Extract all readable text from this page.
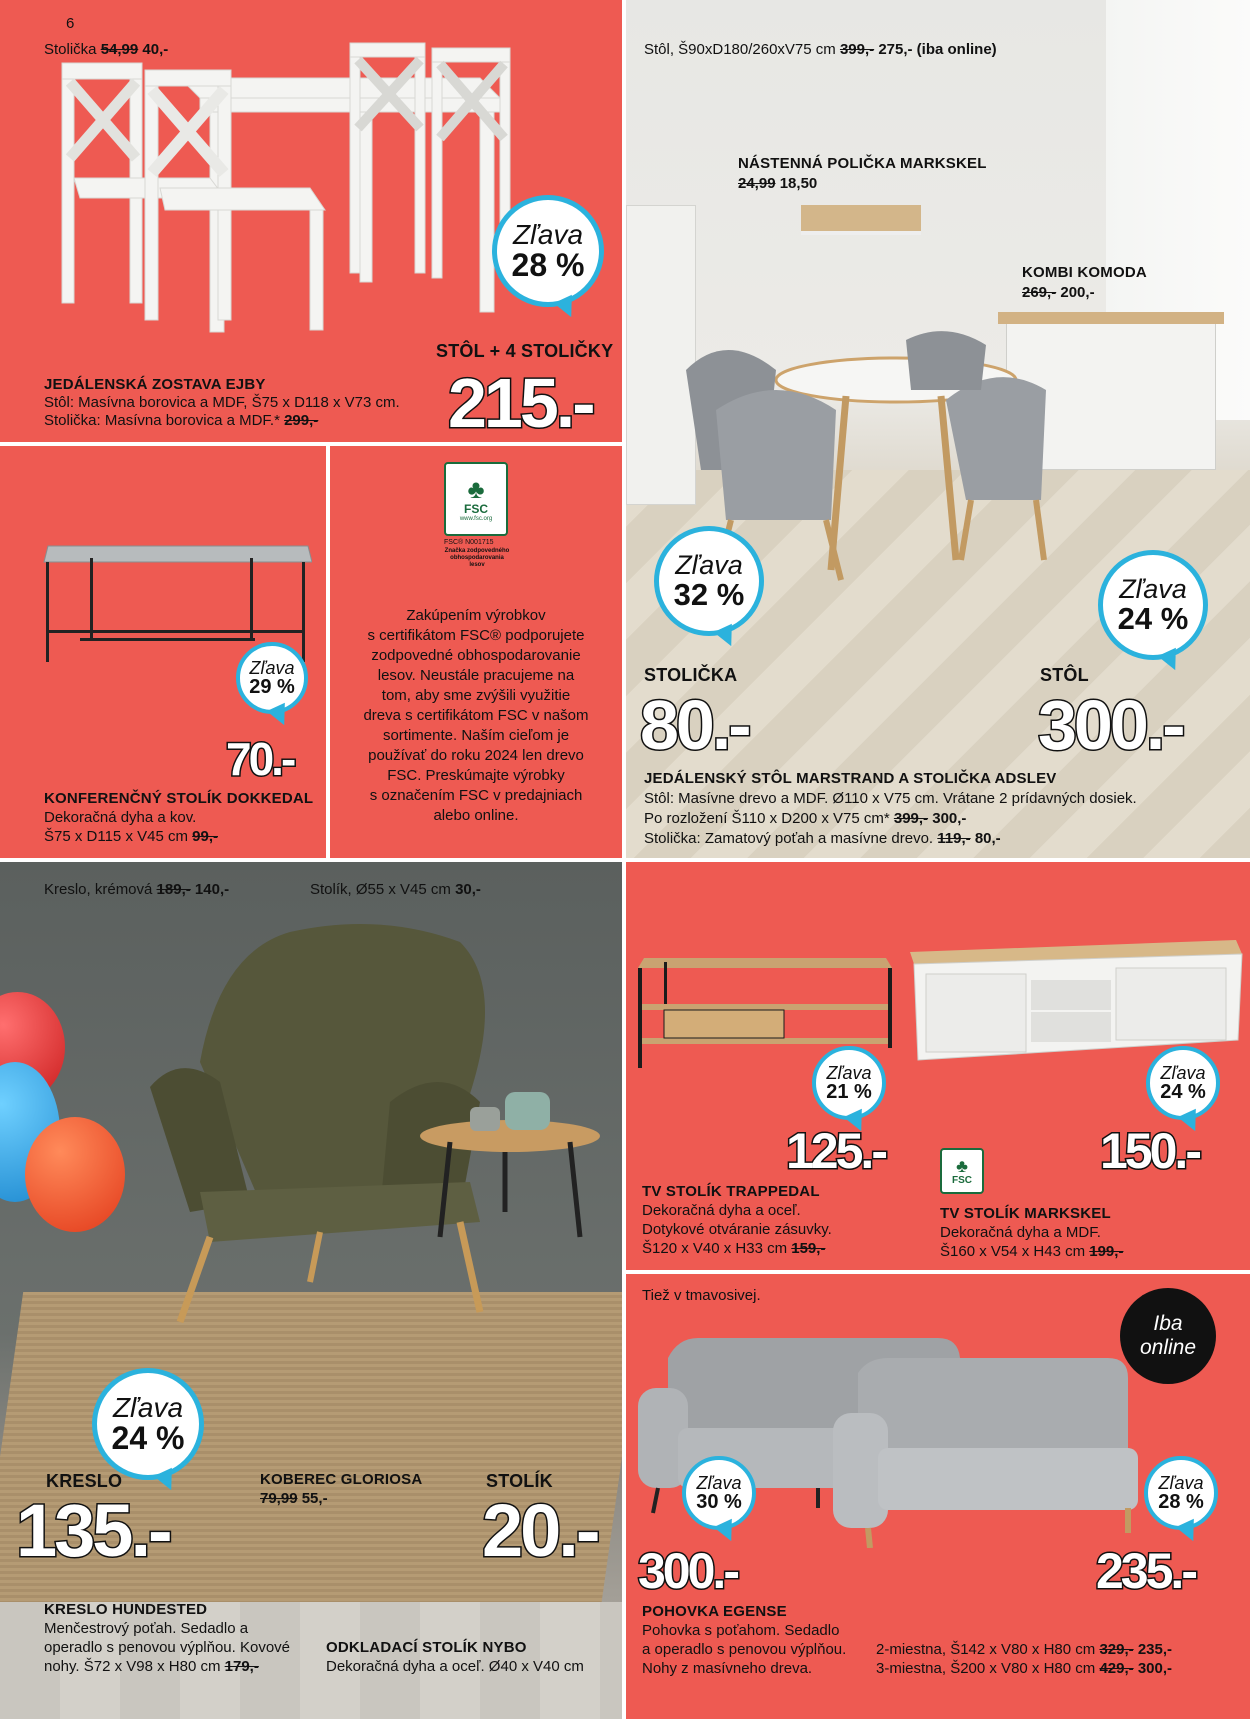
6
Stolička 54,99 40,-
Zľava
28 %
STÔL + 4 STOLIČKY
JEDÁLENSKÁ ZOSTAVA EJBY
Stôl: Masívna borovica a MDF, Š75 x D118 x V73 cm.
Stolička: Masívna borovica a MDF.* 299,- 215.-
Stôl, Š90xD180/260xV75 cm 399,- 275,- (iba online)
NÁSTENNÁ POLIČKA MARKSKEL
24,99 18,50
KOMBI KOMODA
269,- 200,-
Zľava
32 %	Zľava
24 %
STOLIČKA	STÔL
80.-	300.-
JEDÁLENSKÝ STÔL MARSTRAND A STOLIČKA ADSLEV
Stôl: Masívne drevo a MDF. Ø110 x V75 cm. Vrátane 2 prídavných dosiek.
Po rozložení Š110 x D200 x V75 cm* 399,- 300,-
Stolička: Zamatový poťah a masívne drevo. 119,- 80,-
Zľava
29 %
70.-
KONFERENČNÝ STOLÍK DOKKEDAL
Dekoračná dyha a kov.
Š75 x D115 x V45 cm 99,-
♣
FSC
www.fsc.org
FSC® N001715
Značka zodpovedného obhospodarovania lesov
Zakúpením výrobkov
s certifikátom FSC® podporujete
zodpovedné obhospodarovanie
lesov. Neustále pracujeme na
tom, aby sme zvýšili využitie
dreva s certifikátom FSC v našom
sortimente. Naším cieľom je
používať do roku 2024 len drevo
FSC. Preskúmajte výrobky
s označením FSC v predajniach
alebo online.
Kreslo, krémová 189,- 140,-	Stolík, Ø55 x V45 cm 30,-
Zľava
24 %
KRESLO	KOBEREC GLORIOSA
79,99 55,-
STOLÍK
135.-	20.-
KRESLO HUNDESTED
Menčestrový poťah. Sedadlo a
operadlo s penovou výplňou. Kovové
nohy. Š72 x V98 x H80 cm 179,-
ODKLADACÍ STOLÍK NYBO
Dekoračná dyha a oceľ. Ø40 x V40 cm
Zľava
21 %
Zľava
24 %
125.-	150.-
♣
FSC
TV STOLÍK TRAPPEDAL
Dekoračná dyha a oceľ.
Dotykové otváranie zásuvky.
Š120 x V40 x H33 cm 159,-
TV STOLÍK MARKSKEL
Dekoračná dyha a MDF.
Š160 x V54 x H43 cm 199,-
Tiež v tmavosivej.
Iba
online
Zľava
30 %
Zľava
28 %
300.-	235.-
POHOVKA EGENSE
Pohovka s poťahom. Sedadlo
a operadlo s penovou výplňou.
Nohy z masívneho dreva.
2-miestna, Š142 x V80 x H80 cm 329,- 235,-
3-miestna, Š200 x V80 x H80 cm 429,- 300,-
